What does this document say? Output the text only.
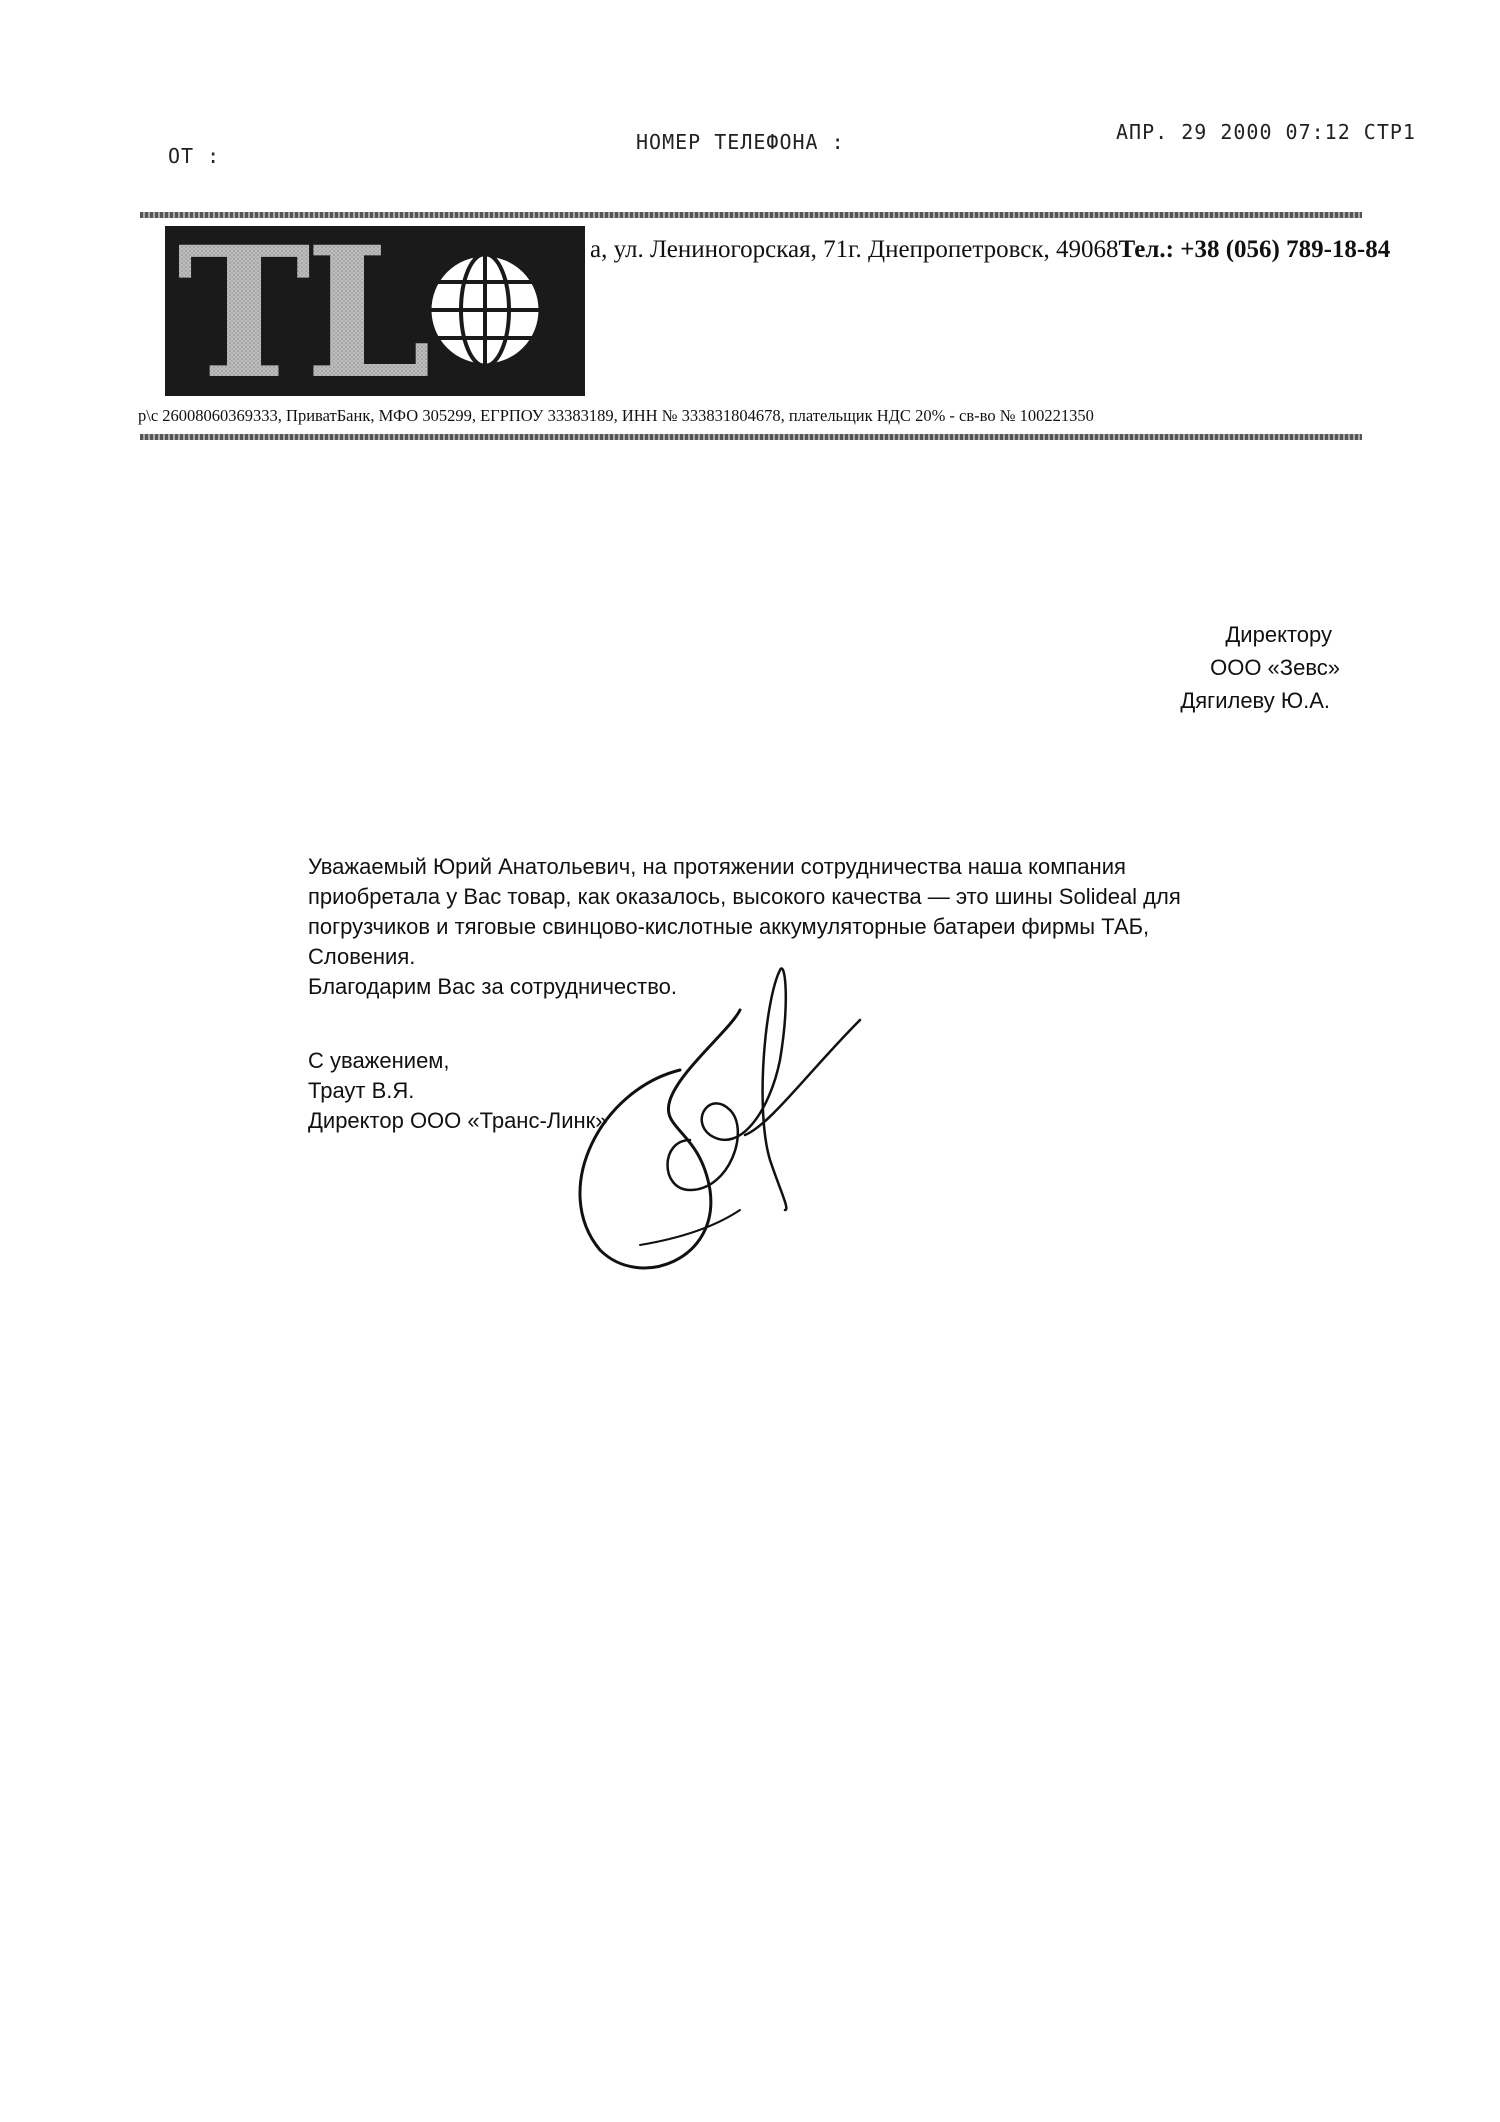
ОТ :
НОМЕР ТЕЛЕФОНА :	АПР. 29 2000 07:12 СТР1
TL	а, ул. Лениногорская, 71г. Днепропетровск, 49068Тел.: +38 (056) 789-18-84
р\с 26008060369333, ПриватБанк, МФО 305299, ЕГРПОУ 33383189, ИНН № 333831804678, плательщик НДС 20% - св-во № 100221350
Директору
ООО «Зевс»
Дягилеву Ю.А.

Уважаемый Юрий Анатольевич, на протяжении сотрудничества наша компания

приобретала у Вас товар, как оказалось, высокого качества — это шины Solideal для

погрузчиков и тяговые свинцово-кислотные аккумуляторные батареи фирмы ТАБ,

Словения.

Благодарим Вас за сотрудничество.

С уважением,

Траут В.Я.

Директор ООО «Транс-Линк»
